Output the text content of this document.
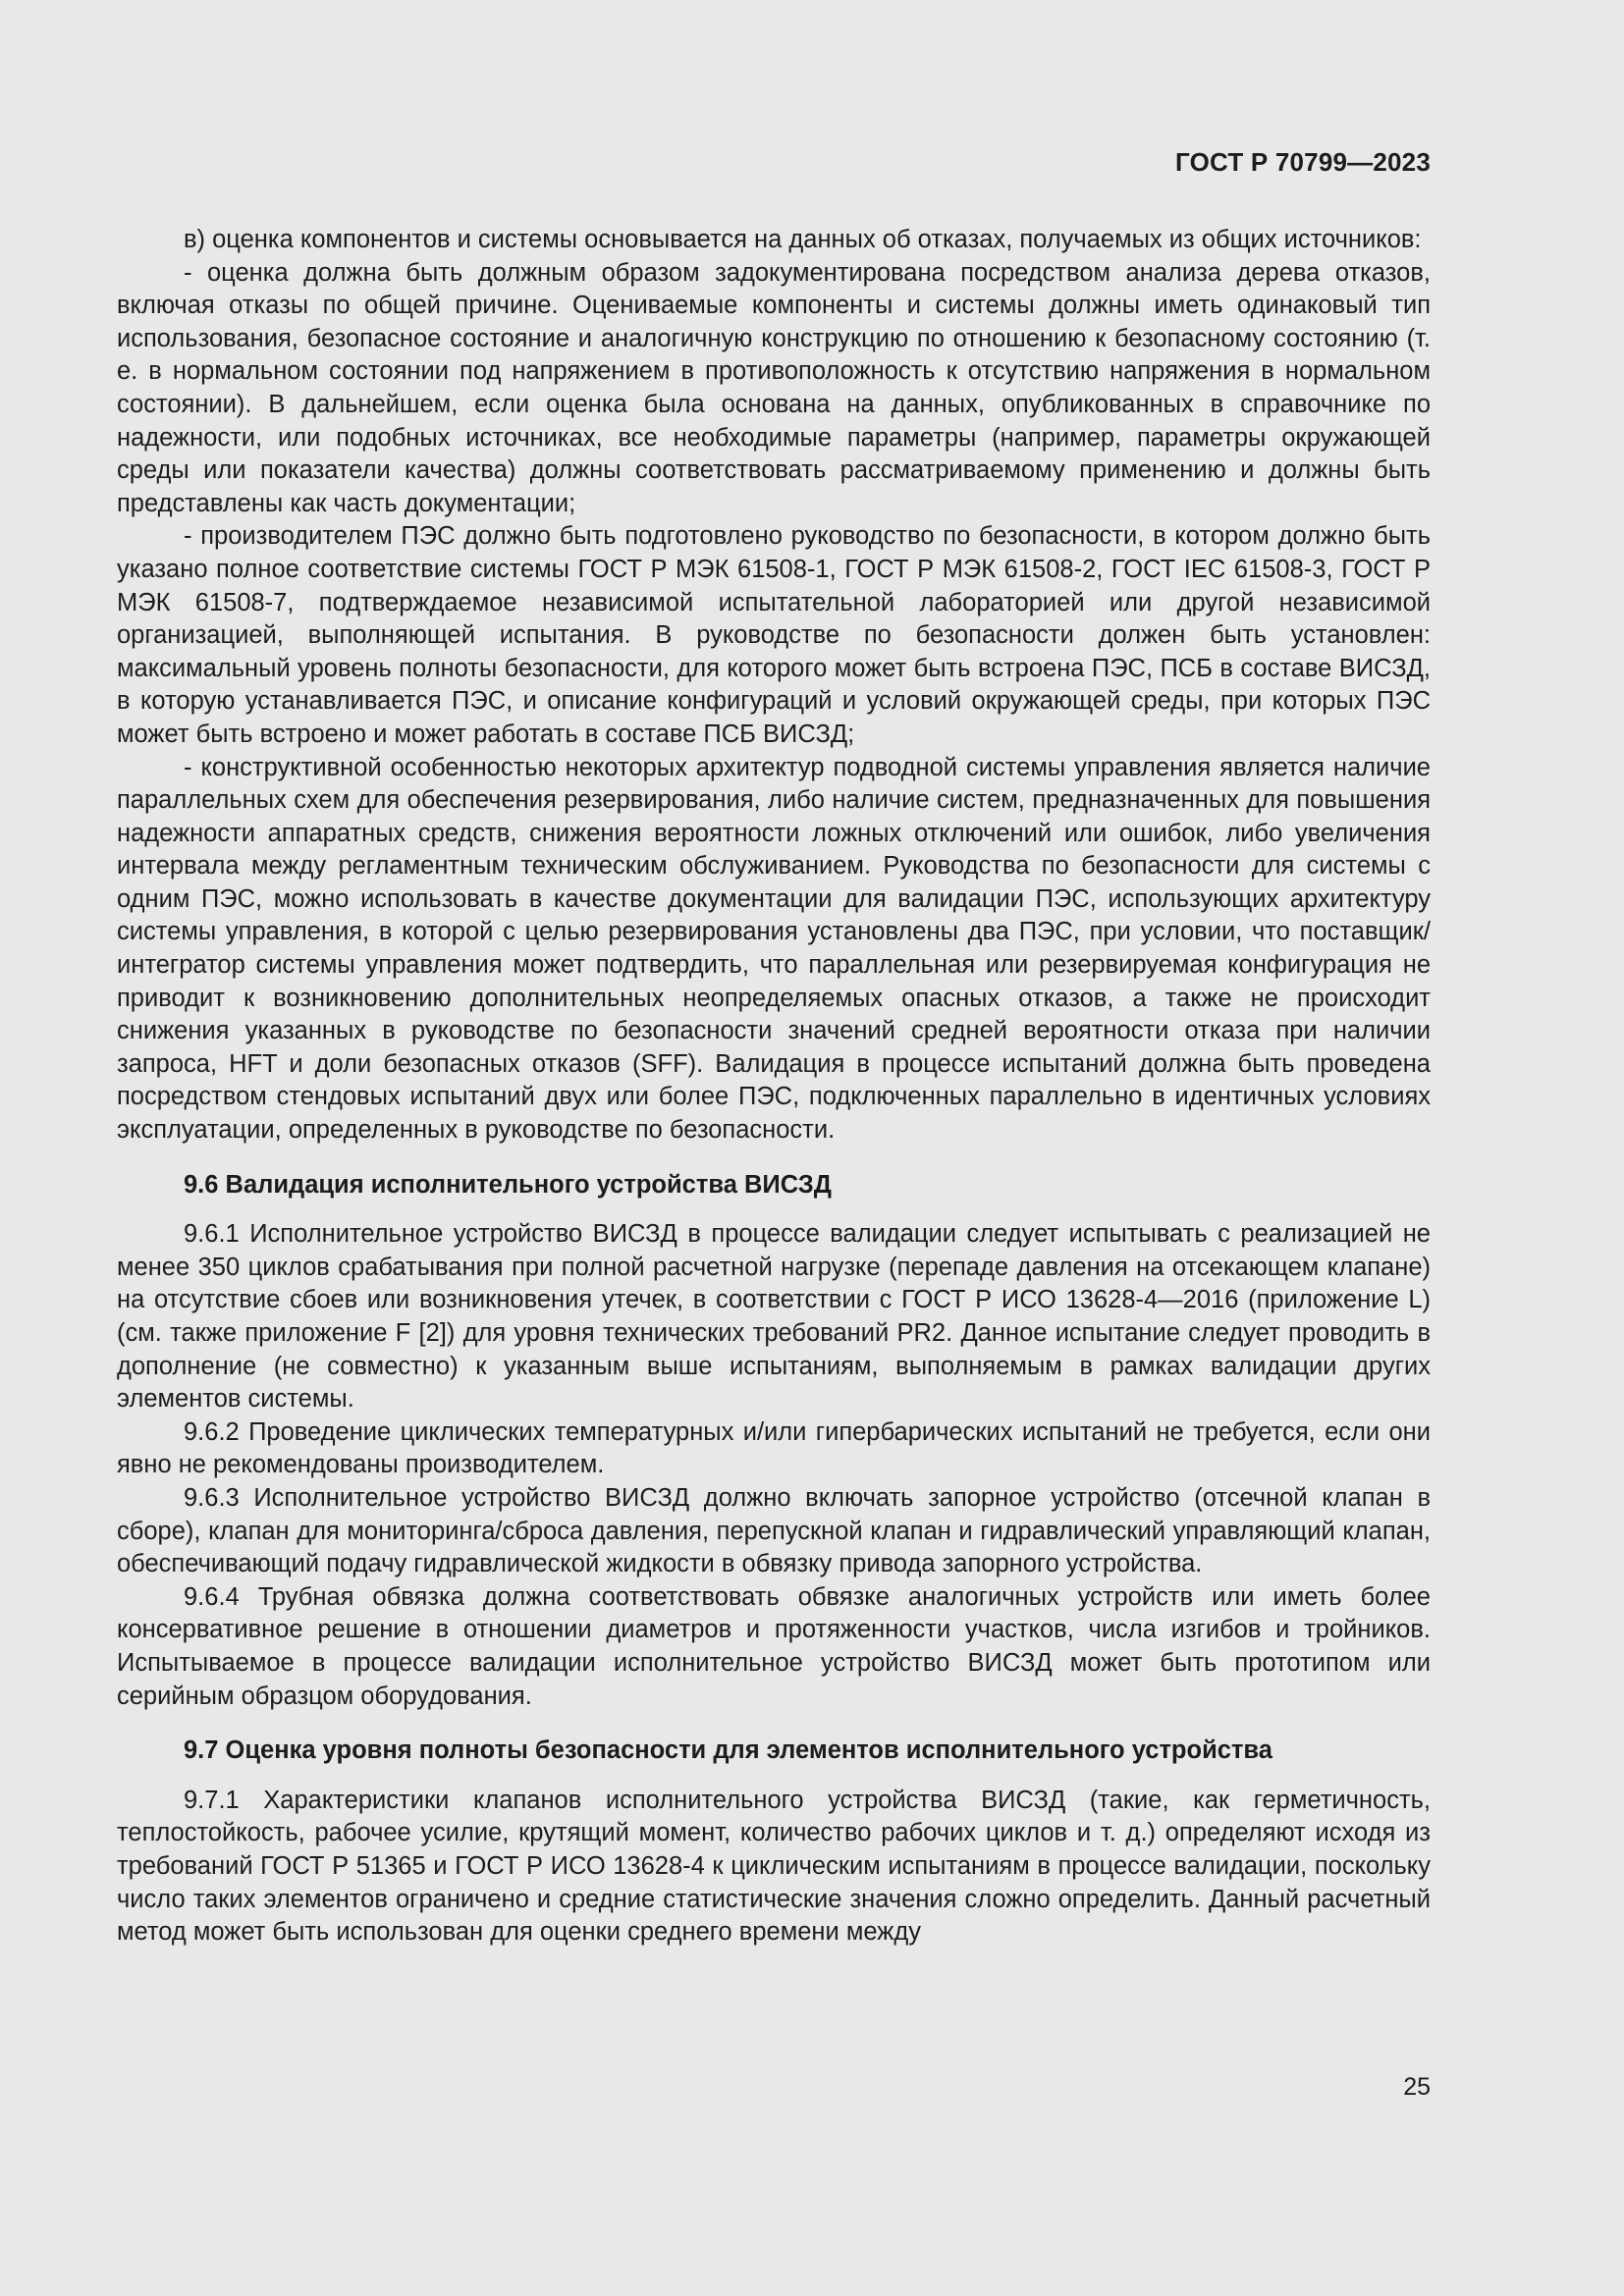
ГОСТ Р 70799—2023

в) оценка компонентов и системы основывается на данных об отказах, получаемых из общих источников:

- оценка должна быть должным образом задокументирована посредством анализа дерева отказов, включая отказы по общей причине. Оцениваемые компоненты и системы должны иметь одинаковый тип использования, безопасное состояние и аналогичную конструкцию по отношению к безопасному состоянию (т. е. в нормальном состоянии под напряжением в противоположность к отсутствию напряжения в нормальном состоянии). В дальнейшем, если оценка была основана на данных, опубликованных в справочнике по надежности, или подобных источниках, все необходимые параметры (например, параметры окружающей среды или показатели качества) должны соответствовать рассматриваемому применению и должны быть представлены как часть документации;

- производителем ПЭС должно быть подготовлено руководство по безопасности, в котором должно быть указано полное соответствие системы ГОСТ Р МЭК 61508-1, ГОСТ Р МЭК 61508-2, ГОСТ IEC 61508-3, ГОСТ Р МЭК 61508-7, подтверждаемое независимой испытательной лабораторией или другой независимой организацией, выполняющей испытания. В руководстве по безопасности должен быть установлен: максимальный уровень полноты безопасности, для которого может быть встроена ПЭС, ПСБ в составе ВИСЗД, в которую устанавливается ПЭС, и описание конфигураций и условий окружающей среды, при которых ПЭС может быть встроено и может работать в составе ПСБ ВИСЗД;

- конструктивной особенностью некоторых архитектур подводной системы управления является наличие параллельных схем для обеспечения резервирования, либо наличие систем, предназначенных для повышения надежности аппаратных средств, снижения вероятности ложных отключений или ошибок, либо увеличения интервала между регламентным техническим обслуживанием. Руководства по безопасности для системы с одним ПЭС, можно использовать в качестве документации для валидации ПЭС, использующих архитектуру системы управления, в которой с целью резервирования установлены два ПЭС, при условии, что поставщик/интегратор системы управления может подтвердить, что параллельная или резервируемая конфигурация не приводит к возникновению дополнительных неопределяемых опасных отказов, а также не происходит снижения указанных в руководстве по безопасности значений средней вероятности отказа при наличии запроса, HFT и доли безопасных отказов (SFF). Валидация в процессе испытаний должна быть проведена посредством стендовых испытаний двух или более ПЭС, подключенных параллельно в идентичных условиях эксплуатации, определенных в руководстве по безопасности.

9.6 Валидация исполнительного устройства ВИСЗД

9.6.1 Исполнительное устройство ВИСЗД в процессе валидации следует испытывать с реализацией не менее 350 циклов срабатывания при полной расчетной нагрузке (перепаде давления на отсекающем клапане) на отсутствие сбоев или возникновения утечек, в соответствии с ГОСТ Р ИСО 13628-4—2016 (приложение L) (см. также приложение F [2]) для уровня технических требований PR2. Данное испытание следует проводить в дополнение (не совместно) к указанным выше испытаниям, выполняемым в рамках валидации других элементов системы.

9.6.2 Проведение циклических температурных и/или гипербарических испытаний не требуется, если они явно не рекомендованы производителем.

9.6.3 Исполнительное устройство ВИСЗД должно включать запорное устройство (отсечной клапан в сборе), клапан для мониторинга/сброса давления, перепускной клапан и гидравлический управляющий клапан, обеспечивающий подачу гидравлической жидкости в обвязку привода запорного устройства.

9.6.4 Трубная обвязка должна соответствовать обвязке аналогичных устройств или иметь более консервативное решение в отношении диаметров и протяженности участков, числа изгибов и тройников. Испытываемое в процессе валидации исполнительное устройство ВИСЗД может быть прототипом или серийным образцом оборудования.

9.7 Оценка уровня полноты безопасности для элементов исполнительного устройства

9.7.1 Характеристики клапанов исполнительного устройства ВИСЗД (такие, как герметичность, теплостойкость, рабочее усилие, крутящий момент, количество рабочих циклов и т. д.) определяют исходя из требований ГОСТ Р 51365 и ГОСТ Р ИСО 13628-4 к циклическим испытаниям в процессе валидации, поскольку число таких элементов ограничено и средние статистические значения сложно определить. Данный расчетный метод может быть использован для оценки среднего времени между

25
